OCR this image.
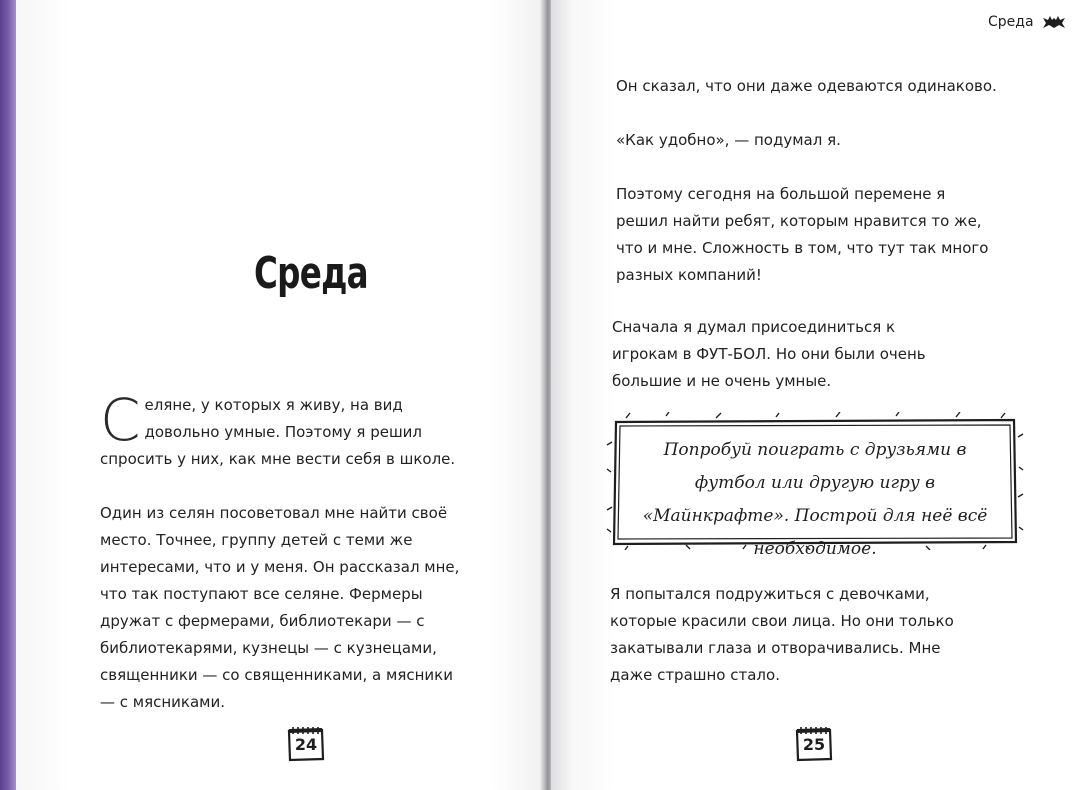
Среда

Селяне, у которых я живу, на вид довольно умные. Поэтому я решил спросить у них, как мне вести себя в школе.

Один из селян посоветовал мне найти своё место. Точнее, группу детей с теми же интересами, что и у меня. Он рассказал мне, что так поступают все селяне. Фермеры дружат с фермерами, библиотекари — с библиотекарями, кузнецы — с кузнецами, священники — со священниками, а мясники — с мясниками.

24
Среда

Он сказал, что они даже одеваются одинаково.

«Как удобно», — подумал я.

Поэтому сегодня на большой перемене я решил найти ребят, которым нравится то же, что и мне. Сложность в том, что тут так много разных компаний!

Сначала я думал присоединиться к игрокам в ФУТ-БОЛ. Но они были очень большие и не очень умные.

Попробуй поиграть с друзьями в футбол или другую игру в «Майнкрафте». Построй для неё всё необходимое.

Я попытался подружиться с девочками, которые красили свои лица. Но они только закатывали глаза и отворачивались. Мне даже страшно стало.

25
